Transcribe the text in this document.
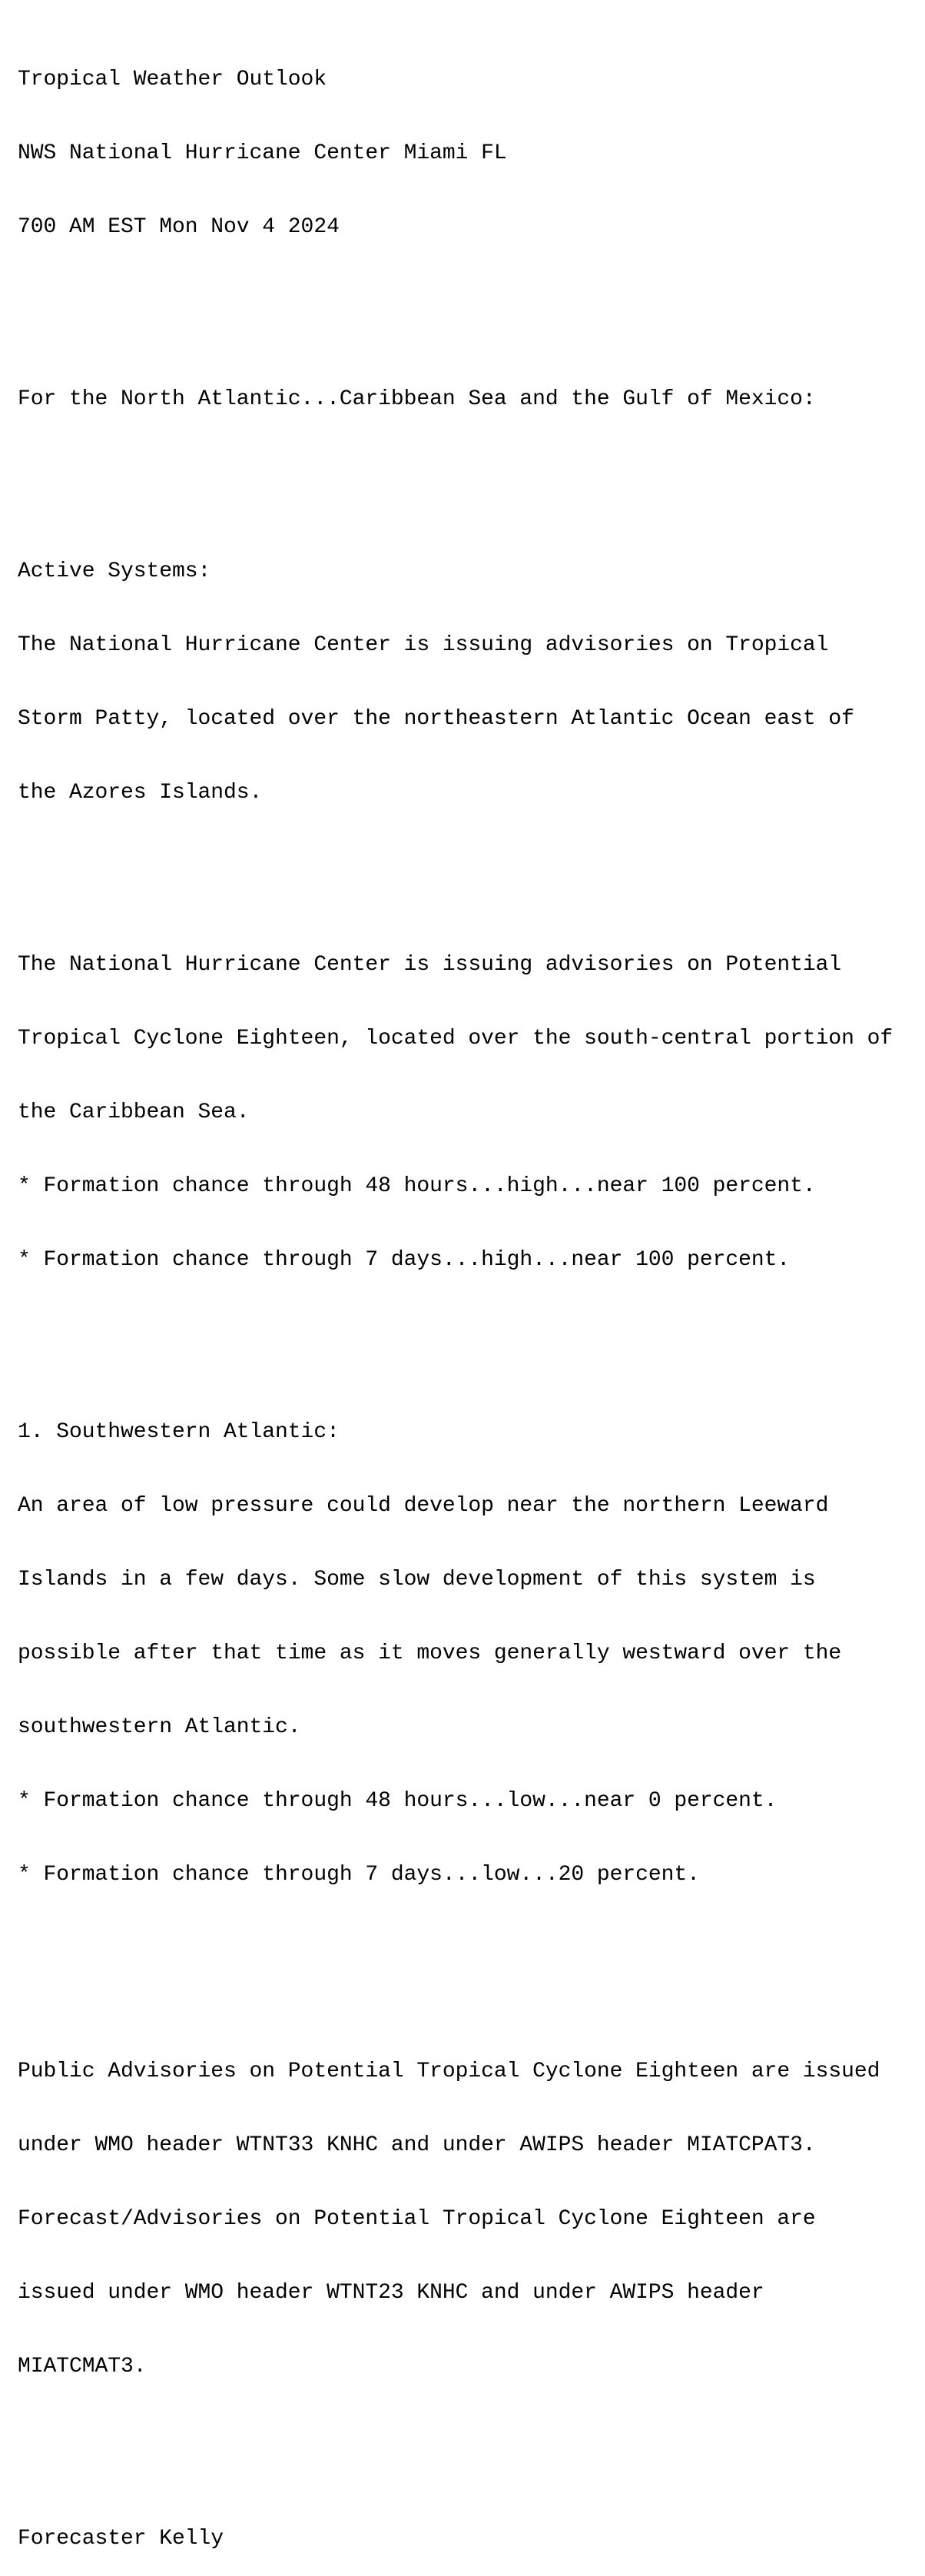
Tropical Weather Outlook

NWS National Hurricane Center Miami FL

700 AM EST Mon Nov 4 2024

For the North Atlantic...Caribbean Sea and the Gulf of Mexico:

Active Systems:

The National Hurricane Center is issuing advisories on Tropical

Storm Patty, located over the northeastern Atlantic Ocean east of

the Azores Islands.

The National Hurricane Center is issuing advisories on Potential

Tropical Cyclone Eighteen, located over the south-central portion of

the Caribbean Sea.

* Formation chance through 48 hours...high...near 100 percent.

* Formation chance through 7 days...high...near 100 percent.

1. Southwestern Atlantic:

An area of low pressure could develop near the northern Leeward

Islands in a few days. Some slow development of this system is

possible after that time as it moves generally westward over the

southwestern Atlantic.

* Formation chance through 48 hours...low...near 0 percent.

* Formation chance through 7 days...low...20 percent.

Public Advisories on Potential Tropical Cyclone Eighteen are issued

under WMO header WTNT33 KNHC and under AWIPS header MIATCPAT3.

Forecast/Advisories on Potential Tropical Cyclone Eighteen are

issued under WMO header WTNT23 KNHC and under AWIPS header

MIATCMAT3.

Forecaster Kelly
